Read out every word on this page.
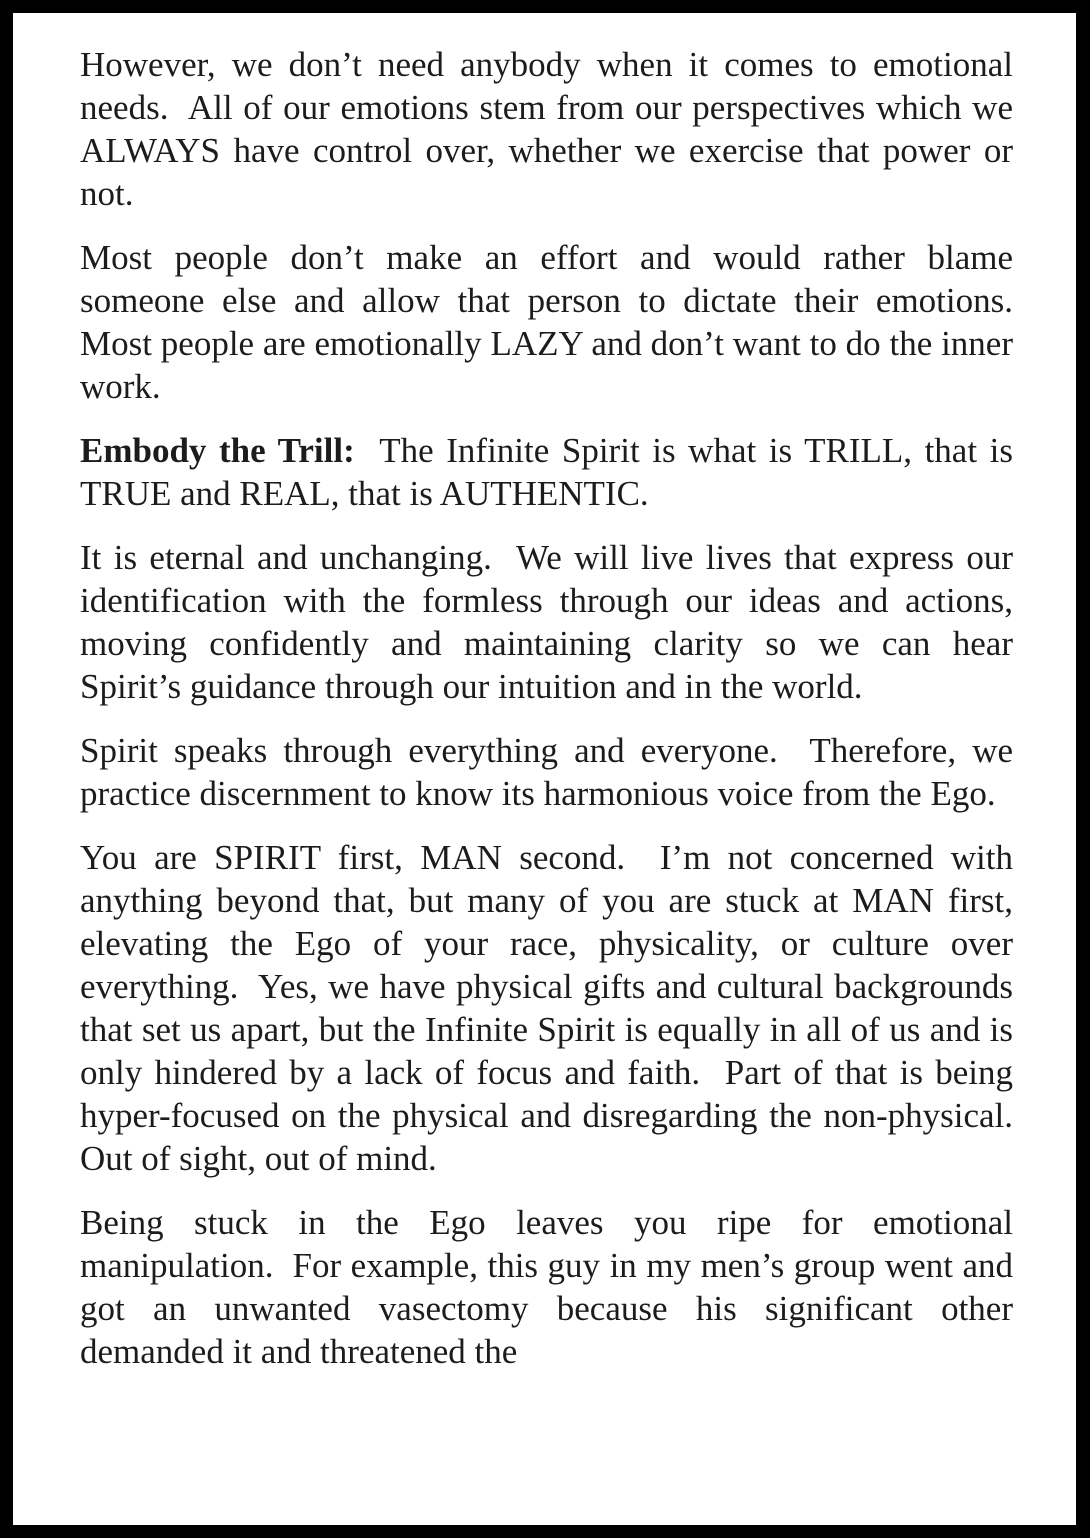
However, we don’t need anybody when it comes to emotional needs.  All of our emotions stem from our perspectives which we ALWAYS have control over, whether we exercise that power or not.

Most people don’t make an effort and would rather blame someone else and allow that person to dictate their emotions.  Most people are emotionally LAZY and don’t want to do the inner work.

Embody the Trill:  The Infinite Spirit is what is TRILL, that is TRUE and REAL, that is AUTHENTIC.

It is eternal and unchanging.  We will live lives that express our identification with the formless through our ideas and actions, moving confidently and maintaining clarity so we can hear Spirit’s guidance through our intuition and in the world.

Spirit speaks through everything and everyone.  Therefore, we practice discernment to know its harmonious voice from the Ego.

You are SPIRIT first, MAN second.  I’m not concerned with anything beyond that, but many of you are stuck at MAN first, elevating the Ego of your race, physicality, or culture over everything.  Yes, we have physical gifts and cultural backgrounds that set us apart, but the Infinite Spirit is equally in all of us and is only hindered by a lack of focus and faith.  Part of that is being hyper-focused on the physical and disregarding the non-physical.  Out of sight, out of mind.

Being stuck in the Ego leaves you ripe for emotional manipulation.  For example, this guy in my men’s group went and got an unwanted vasectomy because his significant other demanded it and threatened the
